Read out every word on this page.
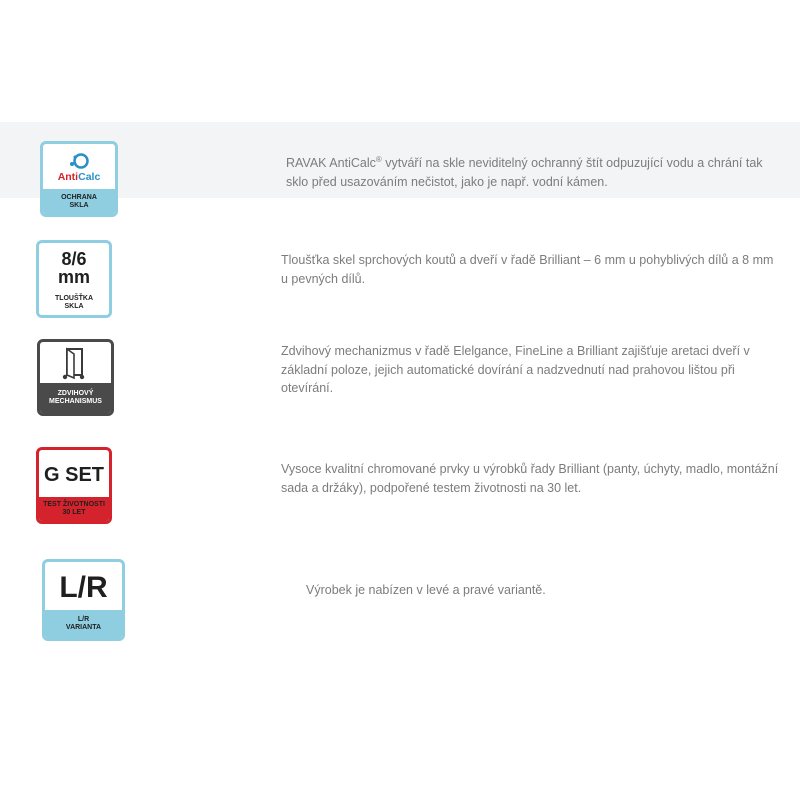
AntiCalc
OCHRANA
SKLA

RAVAK AntiCalc® vytváří na skle neviditelný ochranný štít odpuzující vodu a chrání tak sklo před usazováním nečistot, jako je např. vodní kámen.

8/6
mm
TLOUŠŤKA
SKLA

Tloušťka skel sprchových koutů a dveří v řadě Brilliant – 6 mm u pohyblivých dílů a 8 mm u pevných dílů.

ZDVIHOVÝ
MECHANISMUS

Zdvihový mechanizmus v řadě Elelgance, FineLine a Brilliant zajišťuje aretaci dveří v základní poloze, jejich automatické dovírání a nadzvednutí nad prahovou lištou při otevírání.

G SET
TEST ŽIVOTNOSTI
30 LET

Vysoce kvalitní chromované prvky u výrobků řady Brilliant (panty, úchyty, madlo, montážní sada a držáky), podpořené testem životnosti na 30 let.

L/R
L/R
VARIANTA

Výrobek je nabízen v levé a pravé variantě.
